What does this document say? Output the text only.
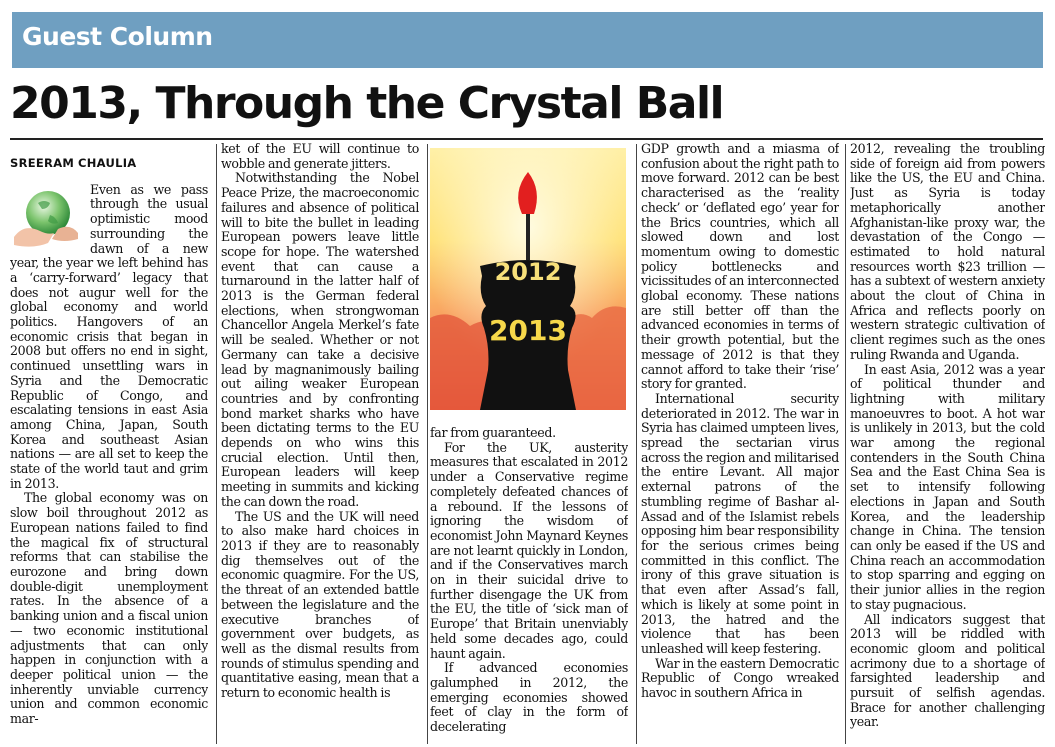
Guest Column
2013, Through the Crystal Ball
SREERAM CHAULIA

Even as we pass through the usual optimistic mood surrounding the dawn of a new year, the year we left behind has a ‘carry-forward’ legacy that does not augur well for the global economy and world politics. Hangovers of an economic crisis that began in 2008 but offers no end in sight, continued unsettling wars in Syria and the Democratic Republic of Congo, and escalating tensions in east Asia among China, Japan, South Korea and southeast Asian nations — are all set to keep the state of the world taut and grim in 2013.

The global economy was on slow boil throughout 2012 as European nations failed to find the magical fix of structural reforms that can stabilise the eurozone and bring down double-digit unemployment rates. In the absence of a banking union and a fiscal union — two economic institutional adjustments that can only happen in conjunction with a deeper political union — the inherently unviable currency union and common economic mar-

ket of the EU will continue to wobble and generate jitters.

Notwithstanding the Nobel Peace Prize, the macroeconomic failures and absence of political will to bite the bullet in leading European powers leave little scope for hope. The watershed event that can cause a turnaround in the latter half of 2013 is the German federal elections, when strongwoman Chancellor Angela Merkel’s fate will be sealed. Whether or not Germany can take a decisive lead by magnanimously bailing out ailing weaker European countries and by confronting bond market sharks who have been dictating terms to the EU depends on who wins this crucial election. Until then, European leaders will keep meeting in summits and kicking the can down the road.

The US and the UK will need to also make hard choices in 2013 if they are to reasonably dig themselves out of the economic quagmire. For the US, the threat of an extended battle between the legislature and the executive branches of government over budgets, as well as the dismal results from rounds of stimulus spending and quantitative easing, mean that a return to economic health is

2012
2013

far from guaranteed.

For the UK, austerity measures that escalated in 2012 under a Conservative regime completely defeated chances of a rebound. If the lessons of ignoring the wisdom of economist John Maynard Keynes are not learnt quickly in London, and if the Conservatives march on in their suicidal drive to further disengage the UK from the EU, the title of ‘sick man of Europe’ that Britain unenviably held some decades ago, could haunt again.

If advanced economies galumphed in 2012, the emerging economies showed feet of clay in the form of decelerating

GDP growth and a miasma of confusion about the right path to move forward. 2012 can be best characterised as the ‘reality check’ or ‘deflated ego’ year for the Brics countries, which all slowed down and lost momentum owing to domestic policy bottlenecks and vicissitudes of an interconnected global economy. These nations are still better off than the advanced economies in terms of their growth potential, but the message of 2012 is that they cannot afford to take their ‘rise’ story for granted.

International security deteriorated in 2012. The war in Syria has claimed umpteen lives, spread the sectarian virus across the region and militarised the entire Levant. All major external patrons of the stumbling regime of Bashar al-Assad and of the Islamist rebels opposing him bear responsibility for the serious crimes being committed in this conflict. The irony of this grave situation is that even after Assad’s fall, which is likely at some point in 2013, the hatred and the violence that has been unleashed will keep festering.

War in the eastern Democratic Republic of Congo wreaked havoc in southern Africa in

2012, revealing the troubling side of foreign aid from powers like the US, the EU and China. Just as Syria is today metaphorically another Afghanistan-like proxy war, the devastation of the Congo — estimated to hold natural resources worth $23 trillion — has a subtext of western anxiety about the clout of China in Africa and reflects poorly on western strategic cultivation of client regimes such as the ones ruling Rwanda and Uganda.

In east Asia, 2012 was a year of political thunder and lightning with military manoeuvres to boot. A hot war is unlikely in 2013, but the cold war among the regional contenders in the South China Sea and the East China Sea is set to intensify following elections in Japan and South Korea, and the leadership change in China. The tension can only be eased if the US and China reach an accommodation to stop sparring and egging on their junior allies in the region to stay pugnacious.

All indicators suggest that 2013 will be riddled with economic gloom and political acrimony due to a shortage of farsighted leadership and pursuit of selfish agendas. Brace for another challenging year.
